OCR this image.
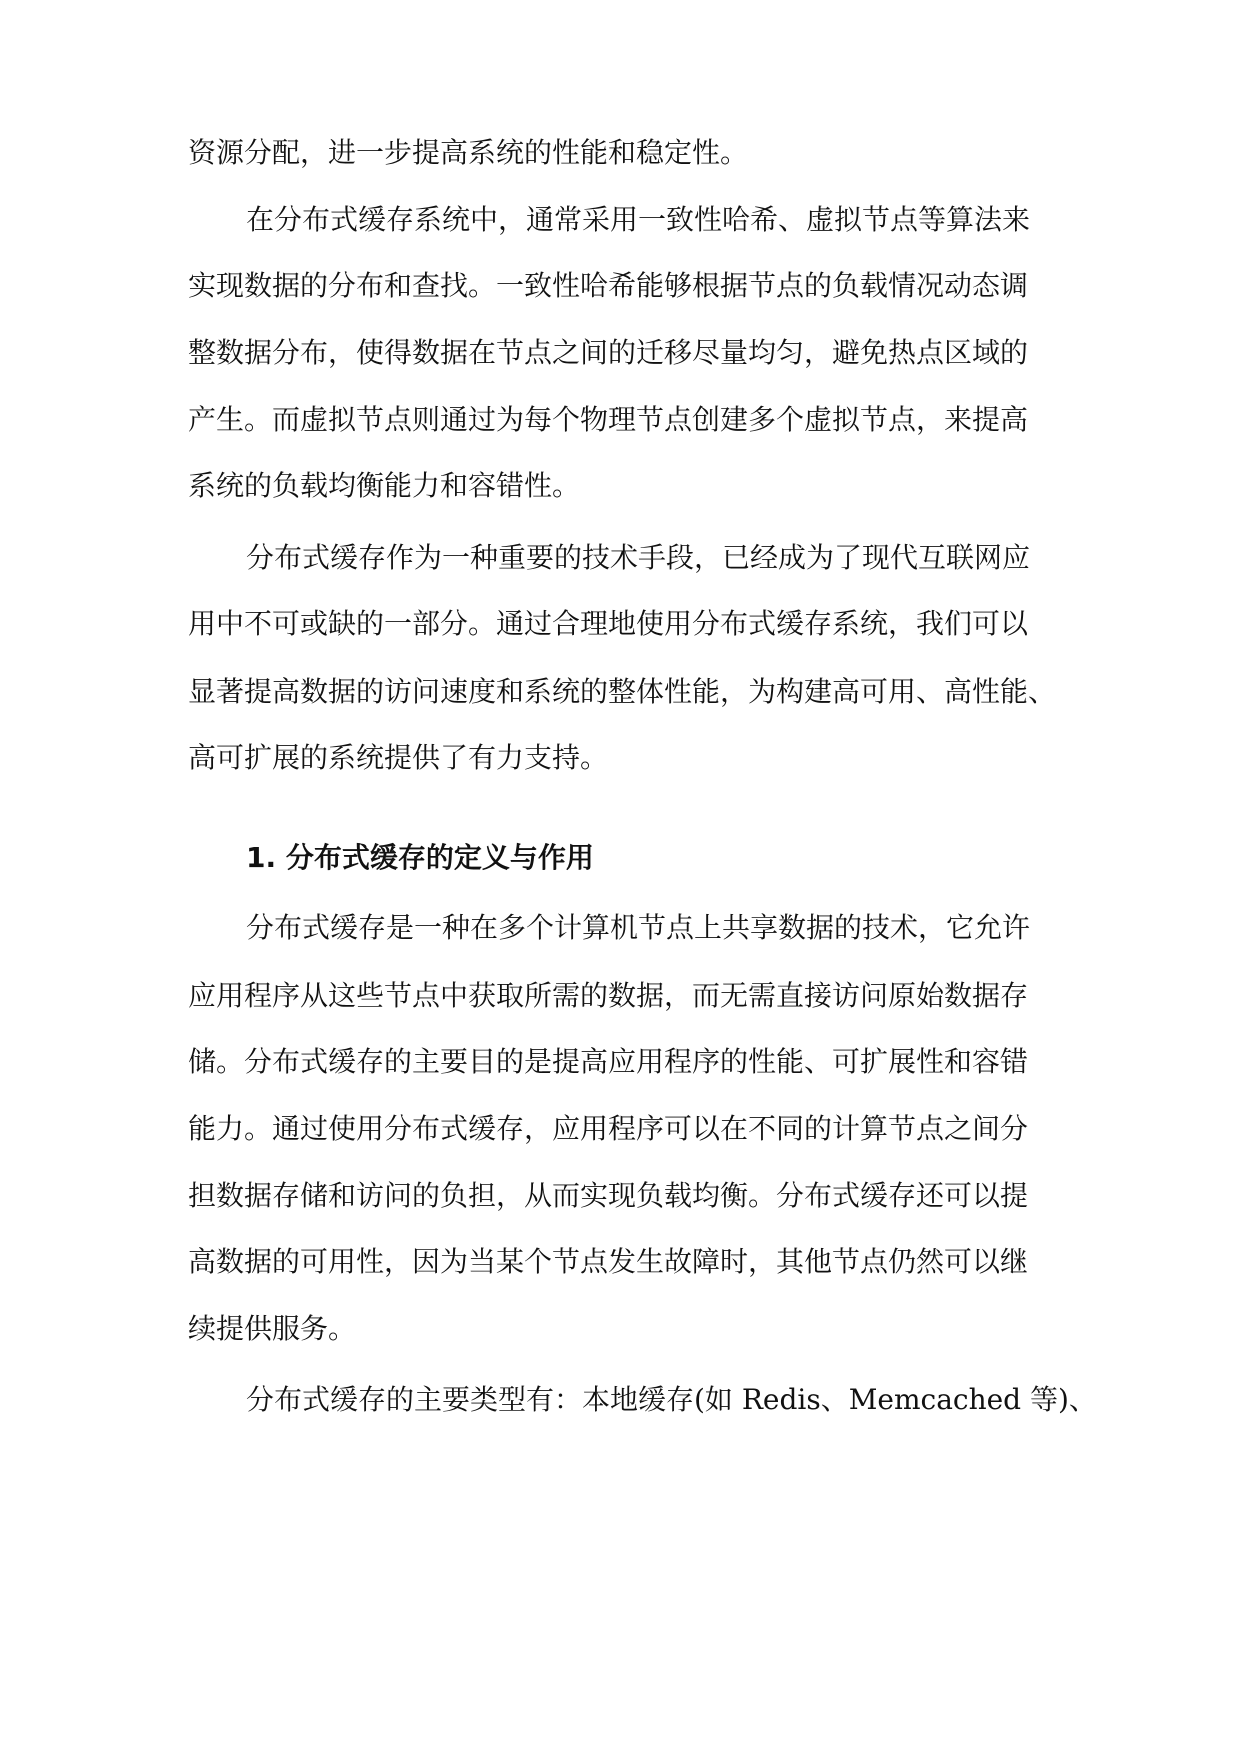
资源分配，进一步提高系统的性能和稳定性。
在分布式缓存系统中，通常采用一致性哈希、虚拟节点等算法来
实现数据的分布和查找。一致性哈希能够根据节点的负载情况动态调
整数据分布，使得数据在节点之间的迁移尽量均匀，避免热点区域的
产生。而虚拟节点则通过为每个物理节点创建多个虚拟节点，来提高
系统的负载均衡能力和容错性。
分布式缓存作为一种重要的技术手段，已经成为了现代互联网应
用中不可或缺的一部分。通过合理地使用分布式缓存系统，我们可以
显著提高数据的访问速度和系统的整体性能，为构建高可用、高性能、
高可扩展的系统提供了有力支持。
1. 分布式缓存的定义与作用
分布式缓存是一种在多个计算机节点上共享数据的技术，它允许
应用程序从这些节点中获取所需的数据，而无需直接访问原始数据存
储。分布式缓存的主要目的是提高应用程序的性能、可扩展性和容错
能力。通过使用分布式缓存，应用程序可以在不同的计算节点之间分
担数据存储和访问的负担，从而实现负载均衡。分布式缓存还可以提
高数据的可用性，因为当某个节点发生故障时，其他节点仍然可以继
续提供服务。
分布式缓存的主要类型有：本地缓存(如 Redis、Memcached 等)、
